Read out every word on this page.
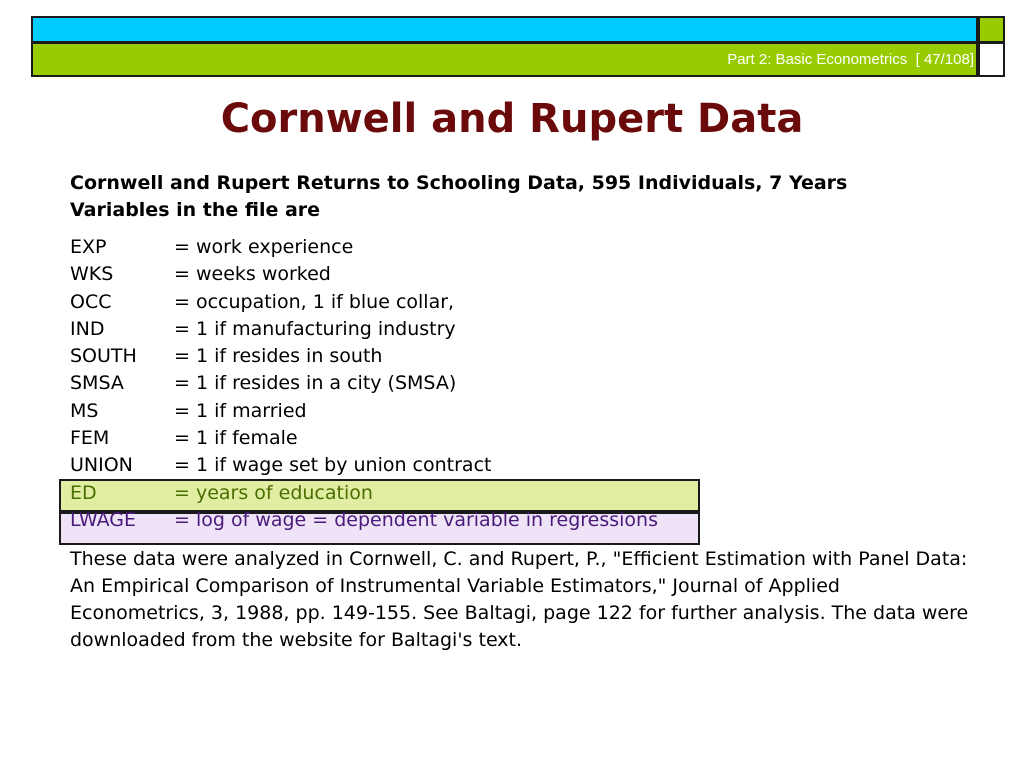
Part 2: Basic Econometrics  [ 47/108]
Cornwell and Rupert Data
Cornwell and Rupert Returns to Schooling Data, 595 Individuals, 7 Years
Variables in the file are
EXP	= work experience
WKS	= weeks worked
OCC	= occupation, 1 if blue collar,
IND	= 1 if manufacturing industry
SOUTH = 1 if resides in south
SMSA	= 1 if resides in a city (SMSA)
MS	= 1 if married
FEM	= 1 if female
UNION = 1 if wage set by union contract
ED	= years of education
LWAGE = log of wage = dependent variable in regressions
These data were analyzed in Cornwell, C. and Rupert, P., "Efficient Estimation with Panel Data: An Empirical Comparison of Instrumental Variable Estimators," Journal of Applied Econometrics, 3, 1988, pp. 149-155. See Baltagi, page 122 for further analysis. The data were downloaded from the website for Baltagi's text.
